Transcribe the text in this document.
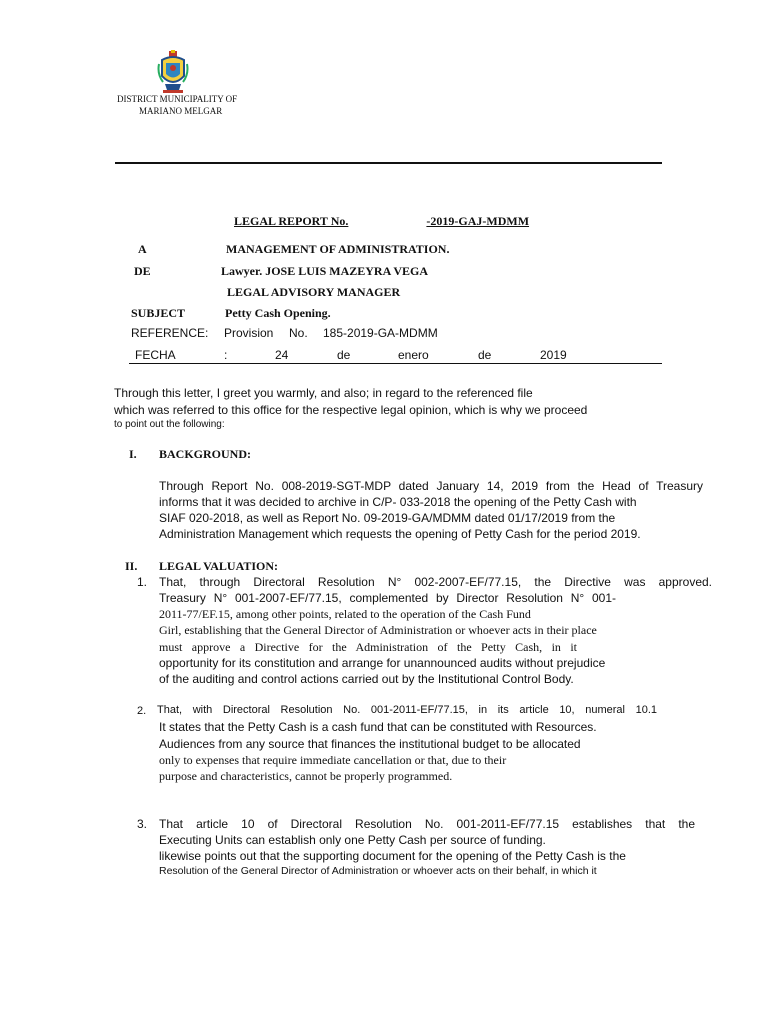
DISTRICT MUNICIPALITY OF
MARIANO MELGAR
LEGAL REPORT No.	-2019-GAJ-MDMM
A	MANAGEMENT OF ADMINISTRATION.
DE	Lawyer. JOSE LUIS MAZEYRA VEGA
LEGAL ADVISORY MANAGER
SUBJECT	Petty Cash Opening.
REFERENCE: Provision No. 185-2019-GA-MDMM
FECHA	:	24	de	enero	de	2019
Through this letter, I greet you warmly, and also; in regard to the referenced file
which was referred to this office for the respective legal opinion, which is why we proceed
to point out the following:
I. BACKGROUND:
Through Report No. 008-2019-SGT-MDP dated January 14, 2019 from the Head of Treasury
informs that it was decided to archive in C/P- 033-2018 the opening of the Petty Cash with
SIAF 020-2018, as well as Report No. 09-2019-GA/MDMM dated 01/17/2019 from the
Administration Management which requests the opening of Petty Cash for the period 2019.
II. LEGAL VALUATION:
1. That, through Directoral Resolution N° 002-2007-EF/77.15, the Directive was approved.
Treasury N° 001-2007-EF/77.15, complemented by Director Resolution N° 001-
2011-77/EF.15, among other points, related to the operation of the Cash Fund
Girl, establishing that the General Director of Administration or whoever acts in their place
must approve a Directive for the Administration of the Petty Cash, in it
opportunity for its constitution and arrange for unannounced audits without prejudice
of the auditing and control actions carried out by the Institutional Control Body.
2. That, with Directoral Resolution No. 001-2011-EF/77.15, in its article 10, numeral 10.1
It states that the Petty Cash is a cash fund that can be constituted with Resources.
Audiences from any source that finances the institutional budget to be allocated
only to expenses that require immediate cancellation or that, due to their
purpose and characteristics, cannot be properly programmed.
3. That article 10 of Directoral Resolution No. 001-2011-EF/77.15 establishes that the
Executing Units can establish only one Petty Cash per source of funding.
likewise points out that the supporting document for the opening of the Petty Cash is the
Resolution of the General Director of Administration or whoever acts on their behalf, in which it
